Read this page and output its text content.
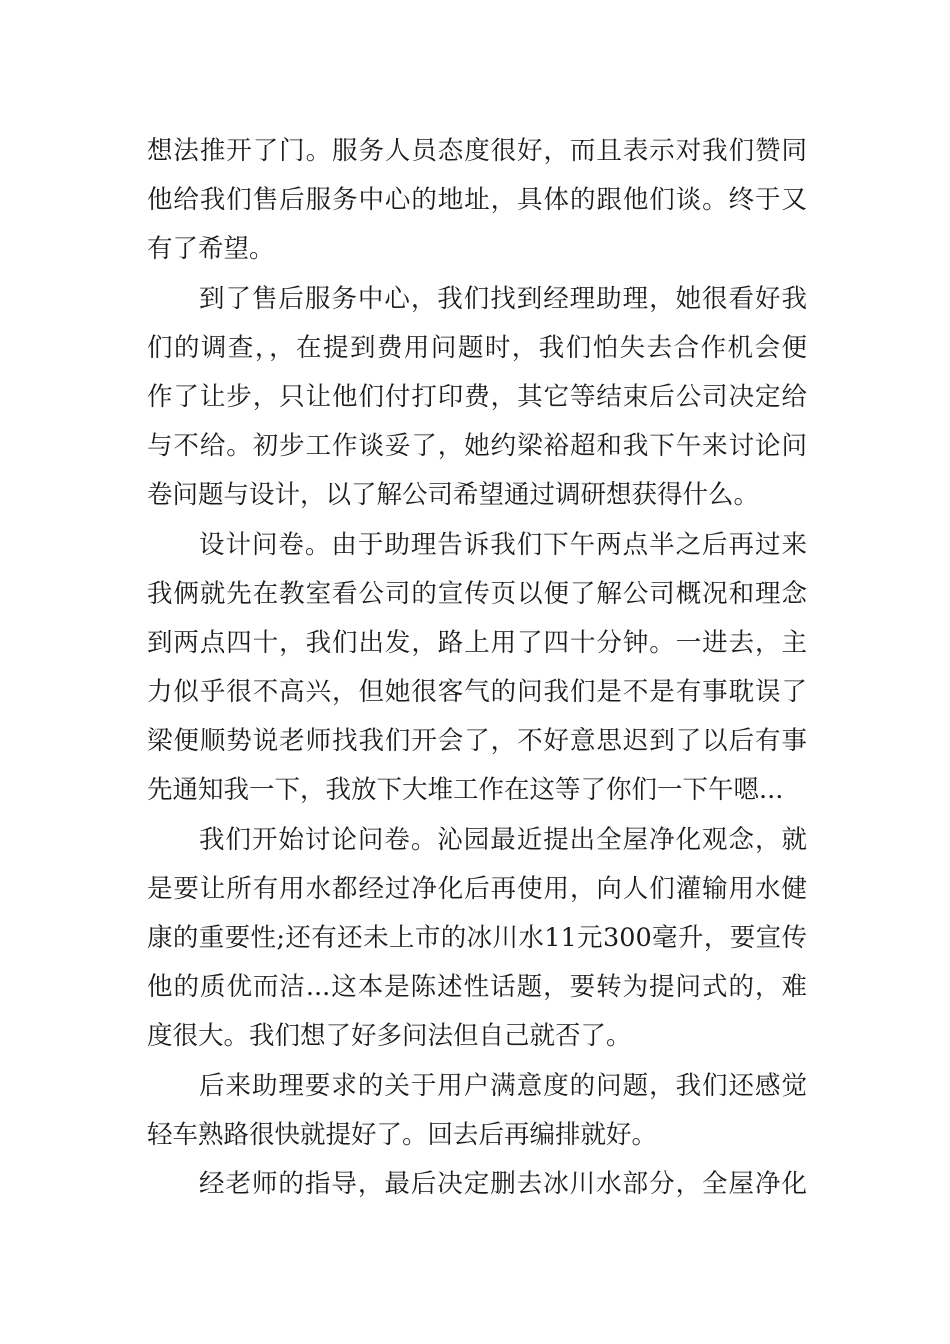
想法推开了门。服务人员态度很好，而且表示对我们赞同
他给我们售后服务中心的地址，具体的跟他们谈。终于又
有了希望。
到了售后服务中心，我们找到经理助理，她很看好我
们的调查，，在提到费用问题时，我们怕失去合作机会便
作了让步，只让他们付打印费，其它等结束后公司决定给
与不给。初步工作谈妥了，她约梁裕超和我下午来讨论问
卷问题与设计，以了解公司希望通过调研想获得什么。
设计问卷。由于助理告诉我们下午两点半之后再过来
我俩就先在教室看公司的宣传页以便了解公司概况和理念
到两点四十，我们出发，路上用了四十分钟。一进去，主
力似乎很不高兴，但她很客气的问我们是不是有事耽误了
梁便顺势说老师找我们开会了，不好意思迟到了以后有事
先通知我一下，我放下大堆工作在这等了你们一下午嗯...
我们开始讨论问卷。沁园最近提出全屋净化观念，就
是要让所有用水都经过净化后再使用，向人们灌输用水健
康的重要性;还有还未上市的冰川水11元300毫升，要宣传
他的质优而洁...这本是陈述性话题，要转为提问式的，难
度很大。我们想了好多问法但自己就否了。
后来助理要求的关于用户满意度的问题，我们还感觉
轻车熟路很快就提好了。回去后再编排就好。
经老师的指导，最后决定删去冰川水部分，全屋净化
